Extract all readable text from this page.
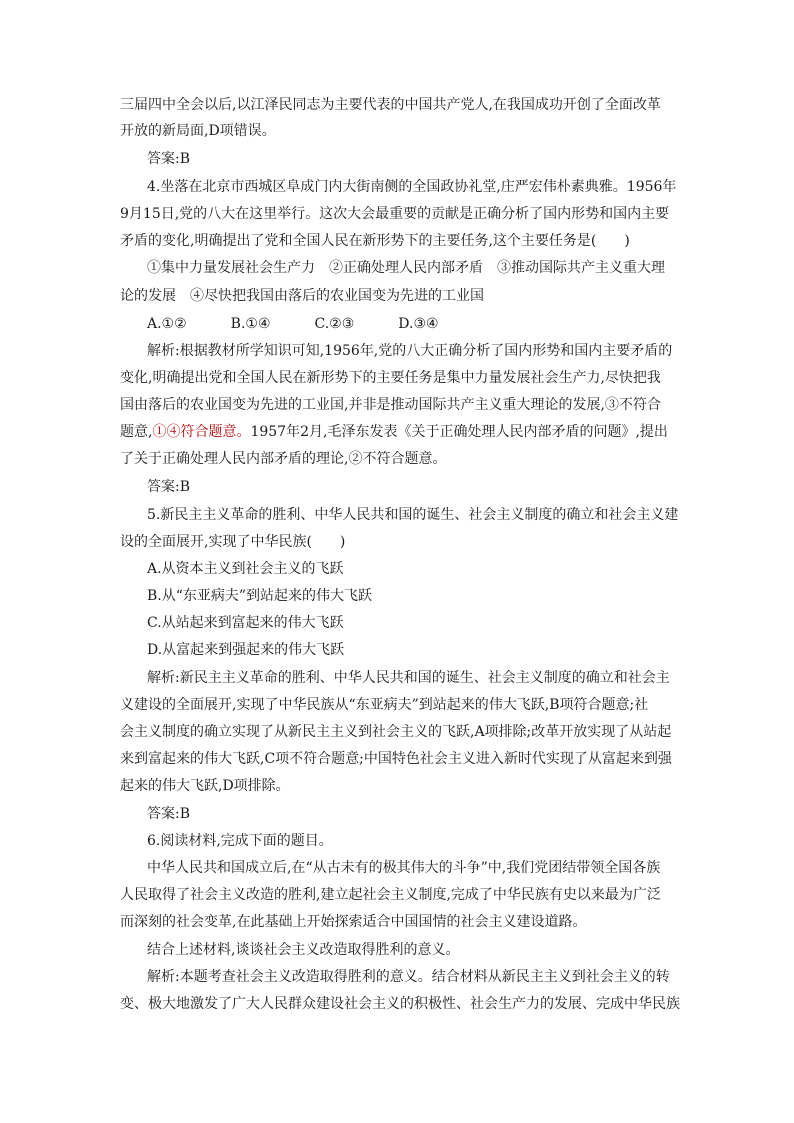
三届四中全会以后,以江泽民同志为主要代表的中国共产党人,在我国成功开创了全面改革
开放的新局面,D项错误。
答案:B
4.坐落在北京市西城区阜成门内大街南侧的全国政协礼堂,庄严宏伟朴素典雅。1956年
9月15日,党的八大在这里举行。这次大会最重要的贡献是正确分析了国内形势和国内主要
矛盾的变化,明确提出了党和全国人民在新形势下的主要任务,这个主要任务是(　　)
①集中力量发展社会生产力　②正确处理人民内部矛盾　③推动国际共产主义重大理
论的发展　④尽快把我国由落后的农业国变为先进的工业国
A.①②	B.①④	C.②③	D.③④
解析:根据教材所学知识可知,1956年,党的八大正确分析了国内形势和国内主要矛盾的
变化,明确提出党和全国人民在新形势下的主要任务是集中力量发展社会生产力,尽快把我
国由落后的农业国变为先进的工业国,并非是推动国际共产主义重大理论的发展,③不符合
题意,①④符合题意。1957年2月,毛泽东发表《关于正确处理人民内部矛盾的问题》,提出
了关于正确处理人民内部矛盾的理论,②不符合题意。
答案:B
5.新民主主义革命的胜利、中华人民共和国的诞生、社会主义制度的确立和社会主义建
设的全面展开,实现了中华民族(　　)
A.从资本主义到社会主义的飞跃
B.从“东亚病夫”到站起来的伟大飞跃
C.从站起来到富起来的伟大飞跃
D.从富起来到强起来的伟大飞跃
解析:新民主主义革命的胜利、中华人民共和国的诞生、社会主义制度的确立和社会主
义建设的全面展开,实现了中华民族从“东亚病夫”到站起来的伟大飞跃,B项符合题意;社
会主义制度的确立实现了从新民主主义到社会主义的飞跃,A项排除;改革开放实现了从站起
来到富起来的伟大飞跃,C项不符合题意;中国特色社会主义进入新时代实现了从富起来到强
起来的伟大飞跃,D项排除。
答案:B
6.阅读材料,完成下面的题目。
中华人民共和国成立后,在“从古未有的极其伟大的斗争”中,我们党团结带领全国各族
人民取得了社会主义改造的胜利,建立起社会主义制度,完成了中华民族有史以来最为广泛
而深刻的社会变革,在此基础上开始探索适合中国国情的社会主义建设道路。
结合上述材料,谈谈社会主义改造取得胜利的意义。
解析:本题考查社会主义改造取得胜利的意义。结合材料从新民主主义到社会主义的转
变、极大地激发了广大人民群众建设社会主义的积极性、社会生产力的发展、完成中华民族
